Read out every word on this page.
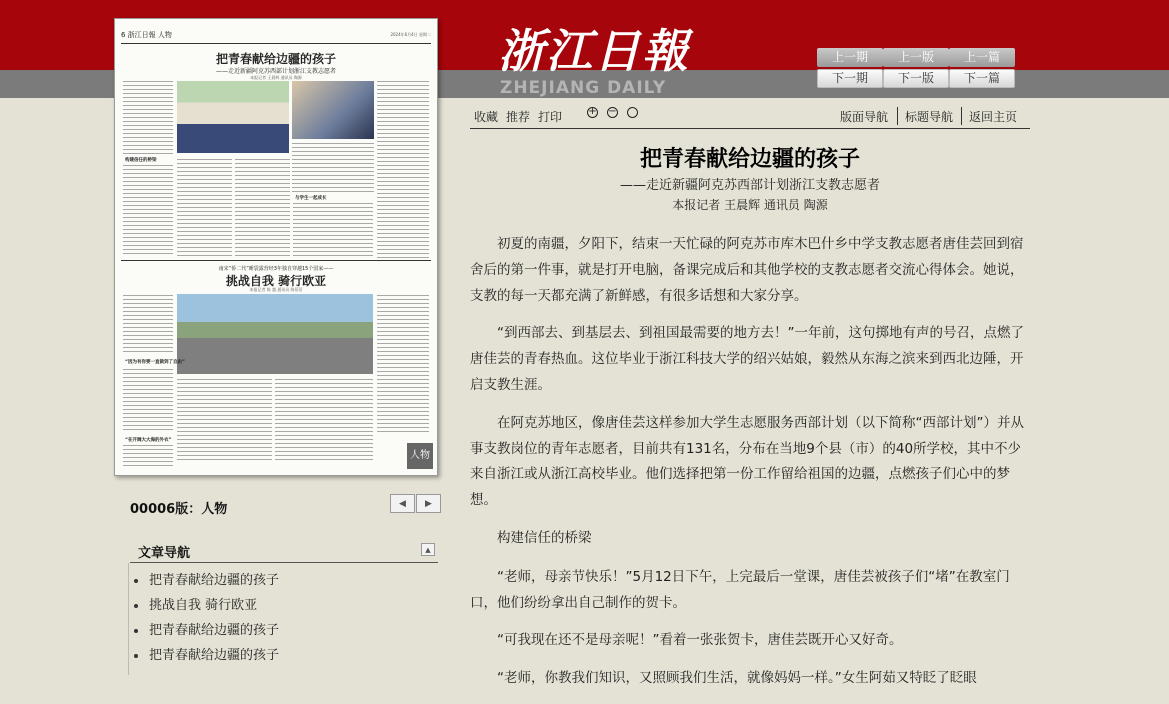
6 浙江日報 人物	2024年6月4日 星期二
把青春献给边疆的孩子
——走近新疆阿克苏西部计划浙江支教志愿者
本报记者 王晨辉 通讯员 陶源
构建信任的桥梁
与学生一起成长
南宋“侨二代”睡袋露营经3年独自穿越15个国家——
挑战自我 骑行欧亚
本报记者 陈 越 通讯员 陈蓓蓓
“因为有你要一直做到了自由”
“在开阔大大海的外衣”
人物
00006版：人物	◀	▶
文章导航	▲
把青春献给边疆的孩子
挑战自我 骑行欧亚
把青春献给边疆的孩子
把青春献给边疆的孩子
浙江日報
ZHEJIANG DAILY
上一期	上一版	上一篇
下一期	下一版	下一篇
收藏 推荐 打印	+ −	版面导航 标题导航 返回主页
把青春献给边疆的孩子
——走近新疆阿克苏西部计划浙江支教志愿者
本报记者 王晨辉 通讯员 陶源

初夏的南疆，夕阳下，结束一天忙碌的阿克苏市库木巴什乡中学支教志愿者唐佳芸回到宿舍后的第一件事，就是打开电脑，备课完成后和其他学校的支教志愿者交流心得体会。她说，支教的每一天都充满了新鲜感，有很多话想和大家分享。

“到西部去、到基层去、到祖国最需要的地方去！”一年前，这句掷地有声的号召，点燃了唐佳芸的青春热血。这位毕业于浙江科技大学的绍兴姑娘，毅然从东海之滨来到西北边陲，开启支教生涯。

在阿克苏地区，像唐佳芸这样参加大学生志愿服务西部计划（以下简称“西部计划”）并从事支教岗位的青年志愿者，目前共有131名，分布在当地9个县（市）的40所学校，其中不少来自浙江或从浙江高校毕业。他们选择把第一份工作留给祖国的边疆，点燃孩子们心中的梦想。

构建信任的桥梁

“老师，母亲节快乐！”5月12日下午，上完最后一堂课，唐佳芸被孩子们“堵”在教室门口，他们纷纷拿出自己制作的贺卡。

“可我现在还不是母亲呢！”看着一张张贺卡，唐佳芸既开心又好奇。

“老师，你教我们知识，又照顾我们生活，就像妈妈一样。”女生阿茹又特眨了眨眼
